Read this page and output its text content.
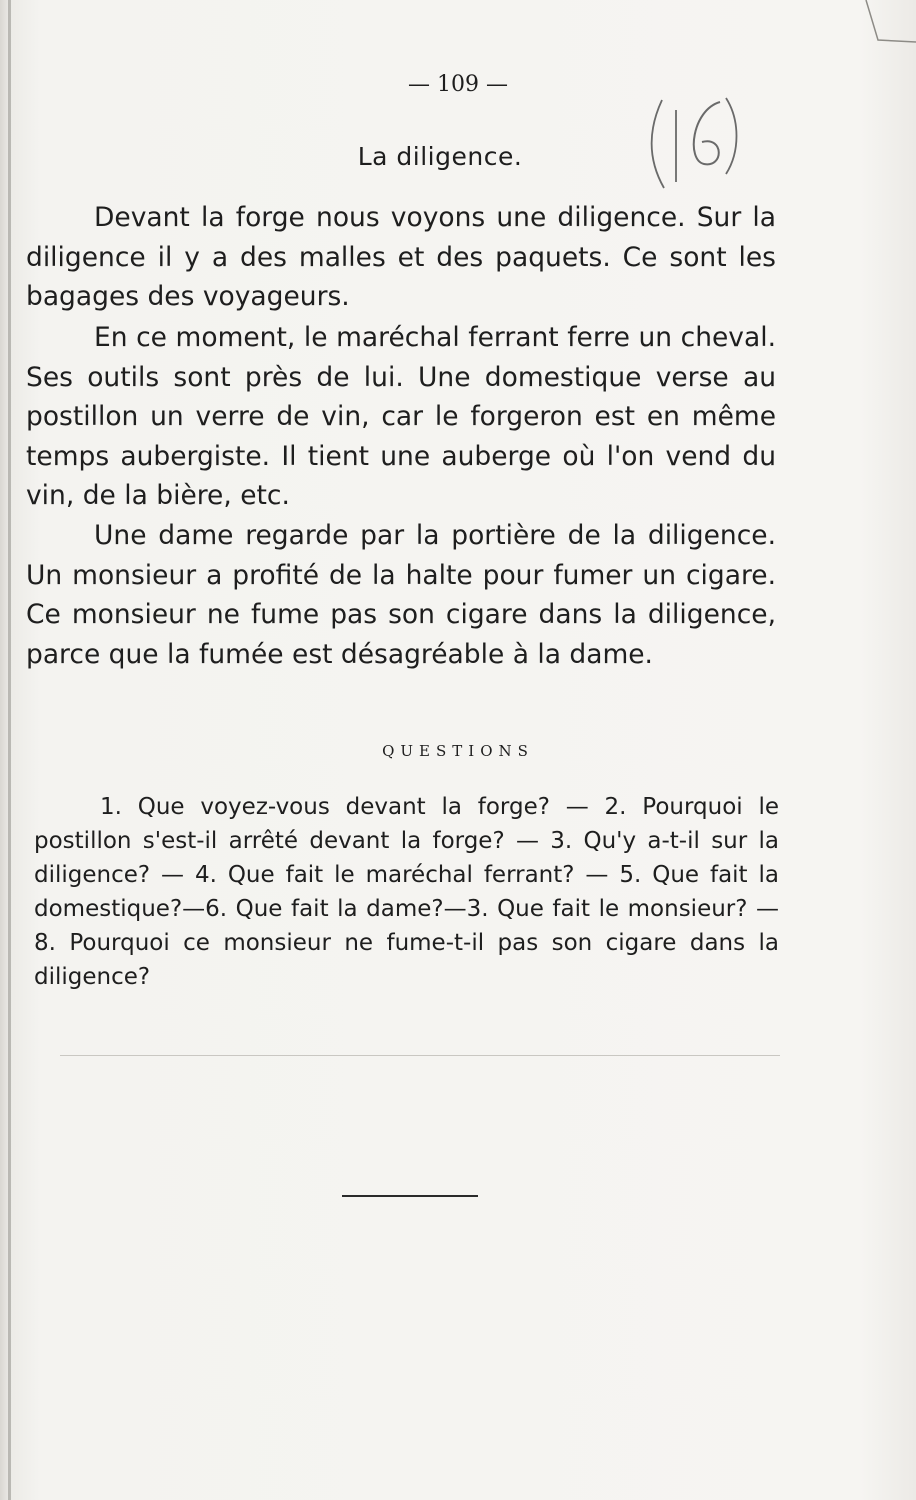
— 109 —
La diligence.
Devant la forge nous voyons une diligence. Sur la diligence il y a des malles et des paquets. Ce sont les bagages des voyageurs.
En ce moment, le maréchal ferrant ferre un cheval. Ses outils sont près de lui. Une domestique verse au postillon un verre de vin, car le forgeron est en même temps aubergiste. Il tient une auberge où l'on vend du vin, de la bière, etc.
Une dame regarde par la portière de la diligence. Un monsieur a profité de la halte pour fumer un cigare. Ce monsieur ne fume pas son cigare dans la diligence, parce que la fumée est désagréable à la dame.
QUESTIONS
1. Que voyez-vous devant la forge? — 2. Pourquoi le postillon s'est-il arrêté devant la forge? — 3. Qu'y a-t-il sur la diligence? — 4. Que fait le maréchal ferrant? — 5. Que fait la domestique?—6. Que fait la dame?—3. Que fait le monsieur? — 8. Pourquoi ce monsieur ne fume-t-il pas son cigare dans la diligence?
